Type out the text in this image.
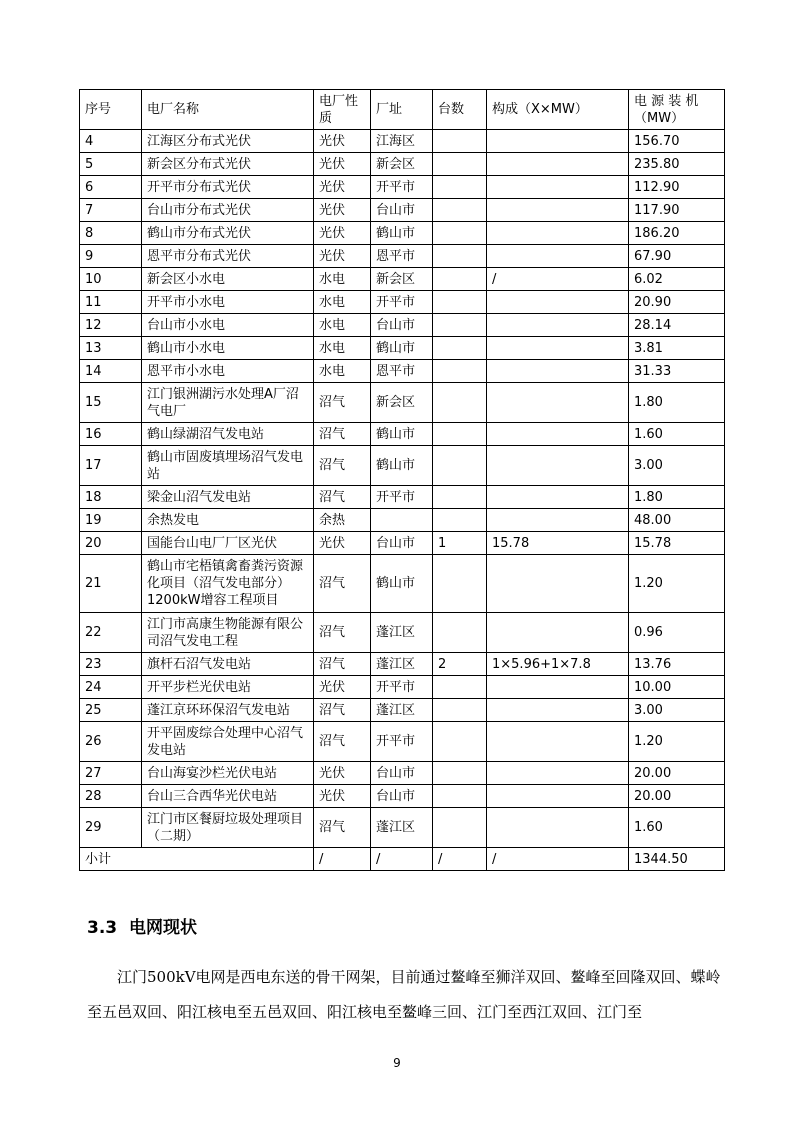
序号	电厂名称	电厂性质	厂址	台数	构成（X×MW）	电 源 装 机（MW）
4	江海区分布式光伏	光伏	江海区			156.70
5	新会区分布式光伏	光伏	新会区			235.80
6	开平市分布式光伏	光伏	开平市			112.90
7	台山市分布式光伏	光伏	台山市			117.90
8	鹤山市分布式光伏	光伏	鹤山市			186.20
9	恩平市分布式光伏	光伏	恩平市			67.90
10	新会区小水电	水电	新会区		/	6.02
11	开平市小水电	水电	开平市			20.90
12	台山市小水电	水电	台山市			28.14
13	鹤山市小水电	水电	鹤山市			3.81
14	恩平市小水电	水电	恩平市			31.33
15	江门银洲湖污水处理A厂沼气电厂	沼气	新会区			1.80
16	鹤山绿湖沼气发电站	沼气	鹤山市			1.60
17	鹤山市固废填埋场沼气发电站	沼气	鹤山市			3.00
18	梁金山沼气发电站	沼气	开平市			1.80
19	余热发电	余热				48.00
20	国能台山电厂厂区光伏	光伏	台山市	1	15.78	15.78
21	鹤山市宅梧镇禽畜粪污资源化项目（沼气发电部分）1200kW增容工程项目	沼气	鹤山市			1.20
22	江门市高康生物能源有限公司沼气发电工程	沼气	蓬江区			0.96
23	旗杆石沼气发电站	沼气	蓬江区	2	1×5.96+1×7.8	13.76
24	开平步栏光伏电站	光伏	开平市			10.00
25	蓬江京环环保沼气发电站	沼气	蓬江区			3.00
26	开平固废综合处理中心沼气发电站	沼气	开平市			1.20
27	台山海宴沙栏光伏电站	光伏	台山市			20.00
28	台山三合西华光伏电站	光伏	台山市			20.00
29	江门市区餐厨垃圾处理项目（二期）	沼气	蓬江区			1.60
小计		/	/	/	/	1344.50
3.3 电网现状

江门500kV电网是西电东送的骨干网架，目前通过鳌峰至狮洋双回、鳌峰至回隆双回、蝶岭至五邑双回、阳江核电至五邑双回、阳江核电至鳌峰三回、江门至西江双回、江门至

9
